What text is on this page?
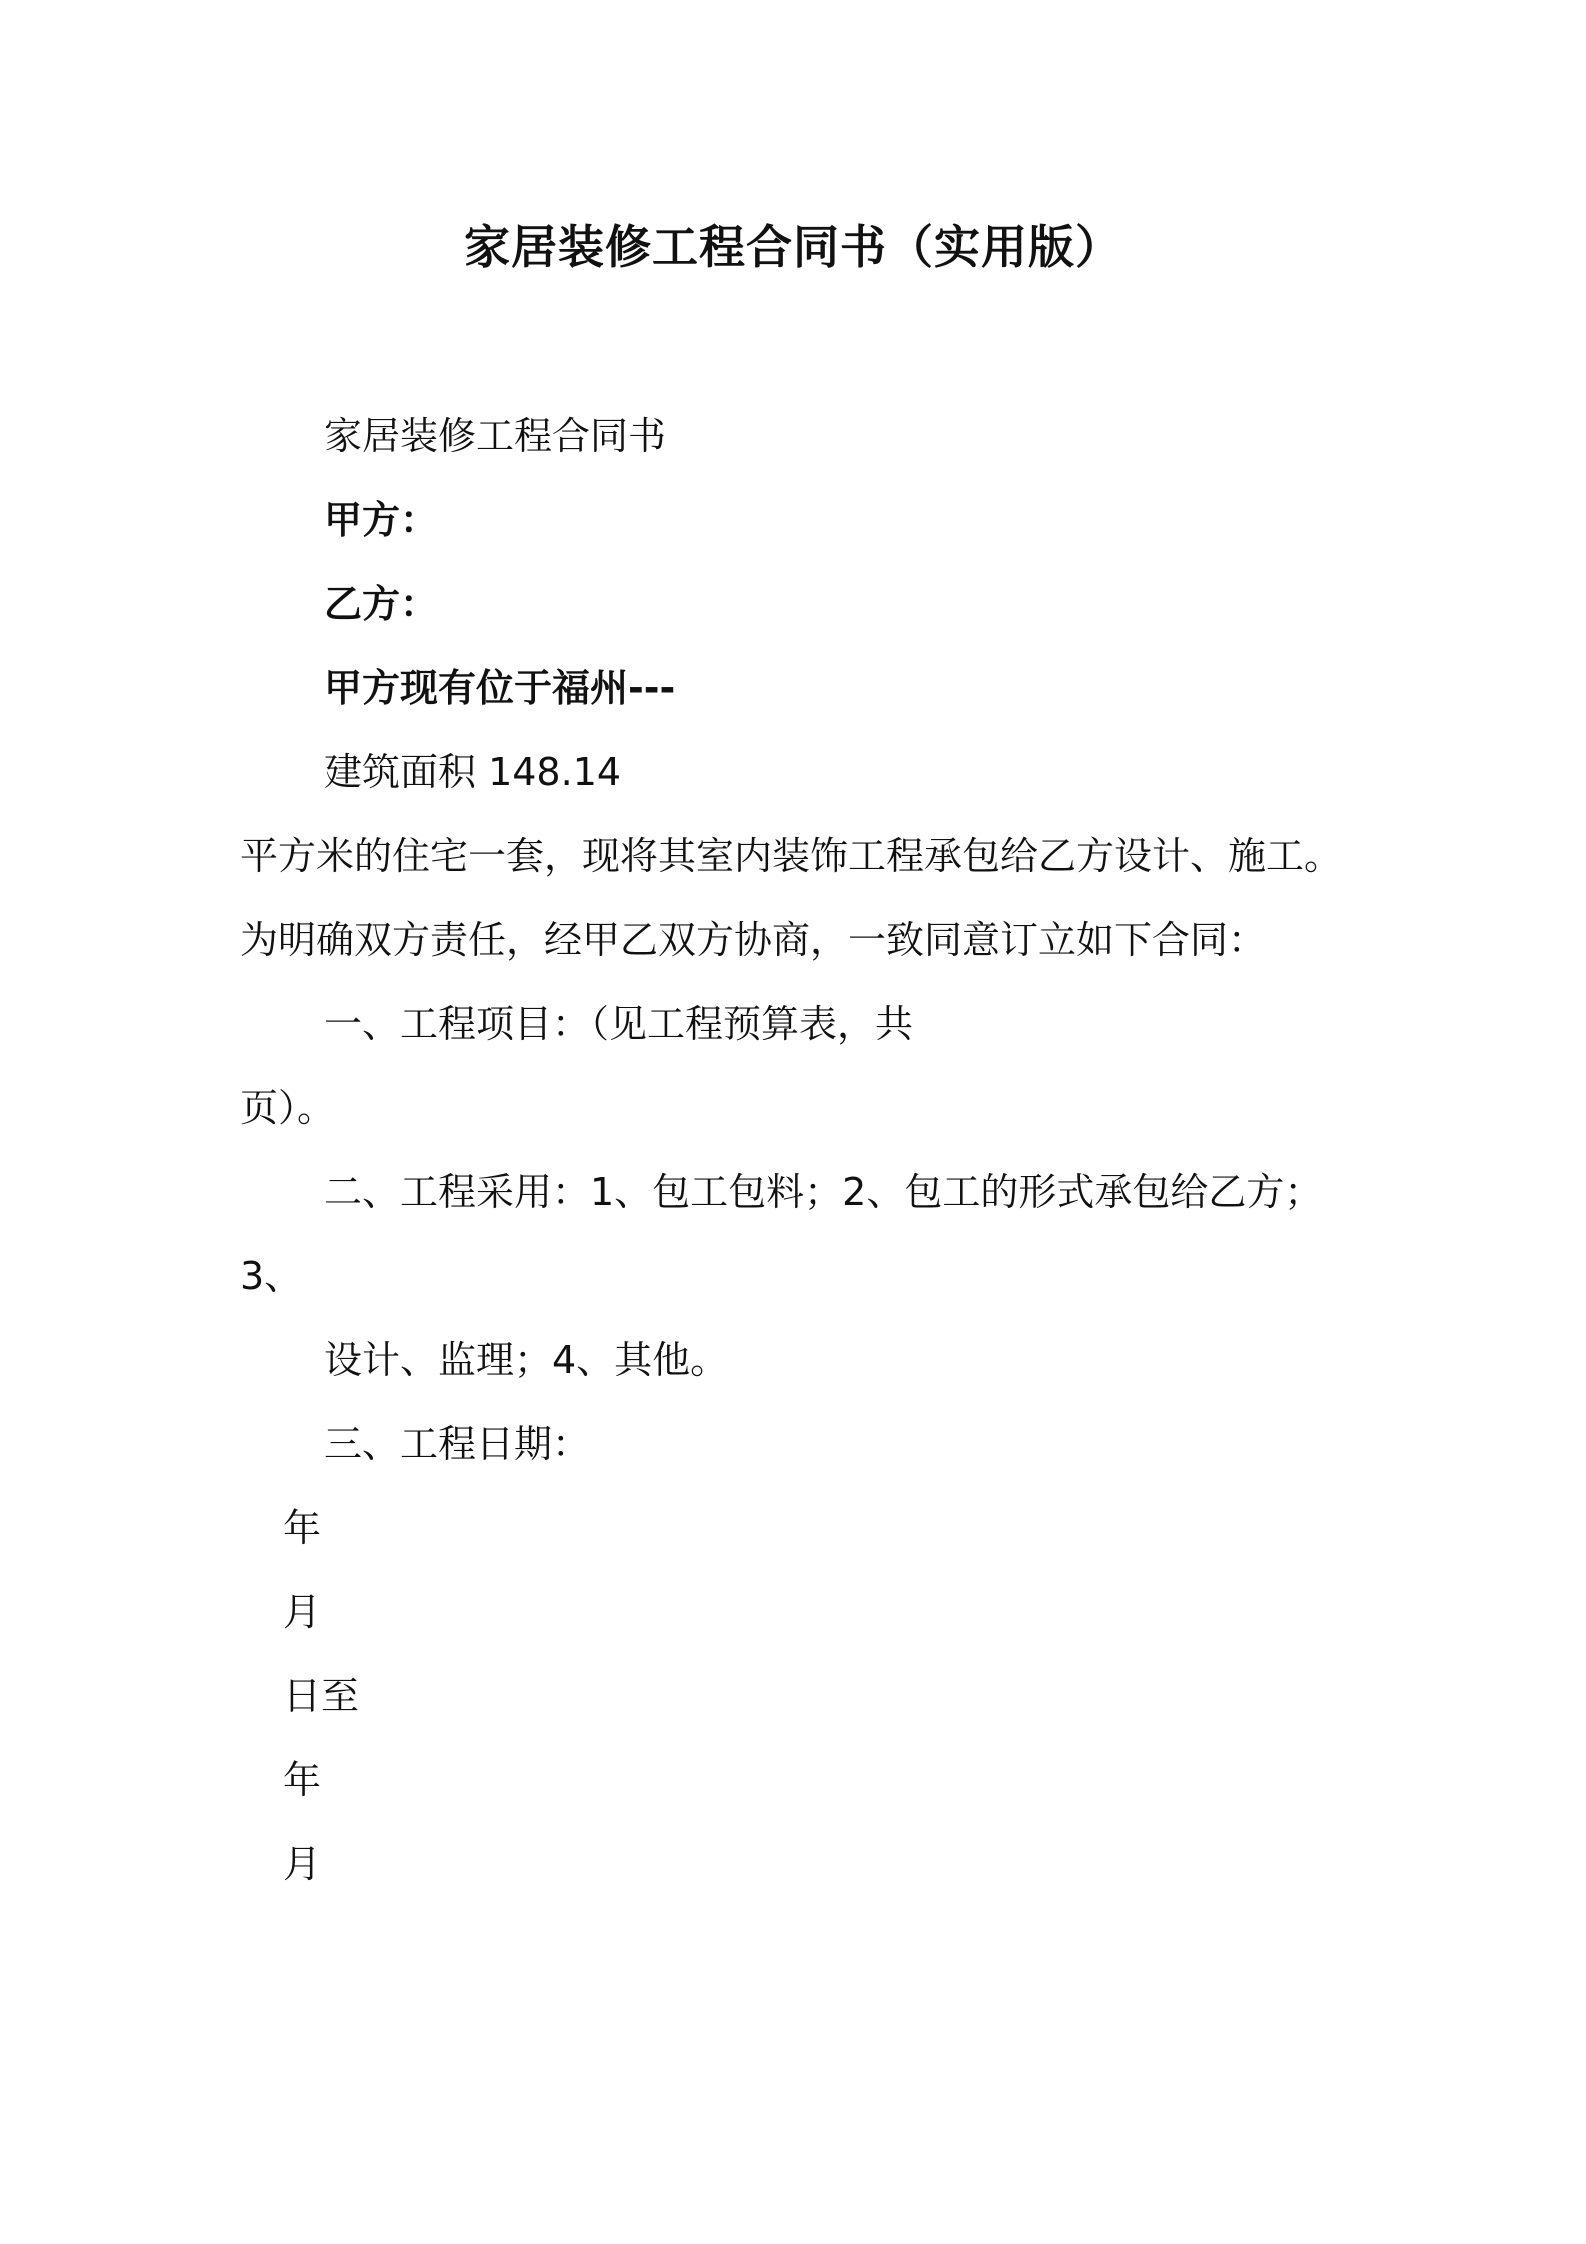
家居装修工程合同书（实用版）
家居装修工程合同书
甲方：
乙方：
甲方现有位于福州---
建筑面积 148.14
平方米的住宅一套，现将其室内装饰工程承包给乙方设计、施工。
为明确双方责任，经甲乙双方协商，一致同意订立如下合同：
一、工程项目：（见工程预算表，共
页）。
二、工程采用：1、包工包料；2、包工的形式承包给乙方；
3、
设计、监理；4、其他。
三、工程日期：
年
月
日至
年
月
